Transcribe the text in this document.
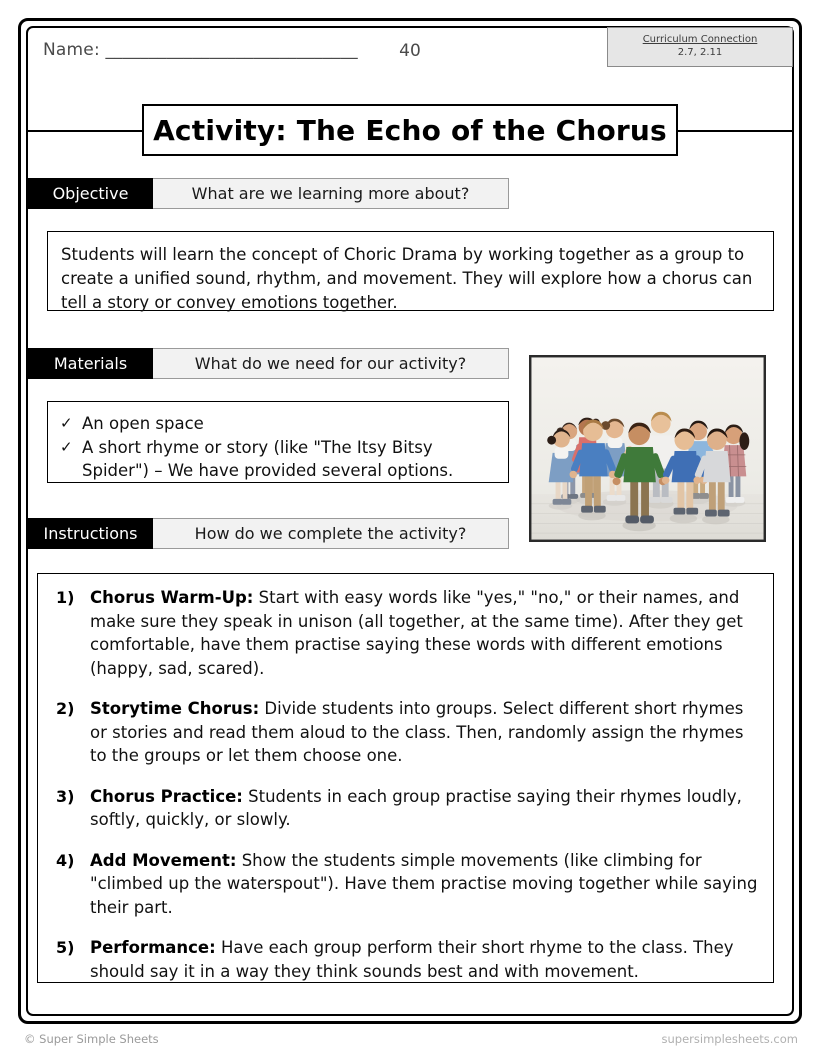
Name: _____________________________	40
Curriculum Connection
2.7, 2.11
Activity: The Echo of the Chorus
Objective	What are we learning more about?
Students will learn the concept of Choric Drama by working together as a group to create a unified sound, rhythm, and movement. They will explore how a chorus can tell a story or convey emotions together.
Materials	What do we need for our activity?
✓ An open space
✓ A short rhyme or story (like "The Itsy Bitsy Spider") – We have provided several options.
Instructions	How do we complete the activity?
1) Chorus Warm-Up: Start with easy words like "yes," "no," or their names, and make sure they speak in unison (all together, at the same time). After they get comfortable, have them practise saying these words with different emotions (happy, sad, scared).
2) Storytime Chorus: Divide students into groups. Select different short rhymes or stories and read them aloud to the class. Then, randomly assign the rhymes to the groups or let them choose one.
3) Chorus Practice: Students in each group practise saying their rhymes loudly, softly, quickly, or slowly.
4) Add Movement: Show the students simple movements (like climbing for "climbed up the waterspout"). Have them practise moving together while saying their part.
5) Performance: Have each group perform their short rhyme to the class. They should say it in a way they think sounds best and with movement.
© Super Simple Sheets	supersimplesheets.com
